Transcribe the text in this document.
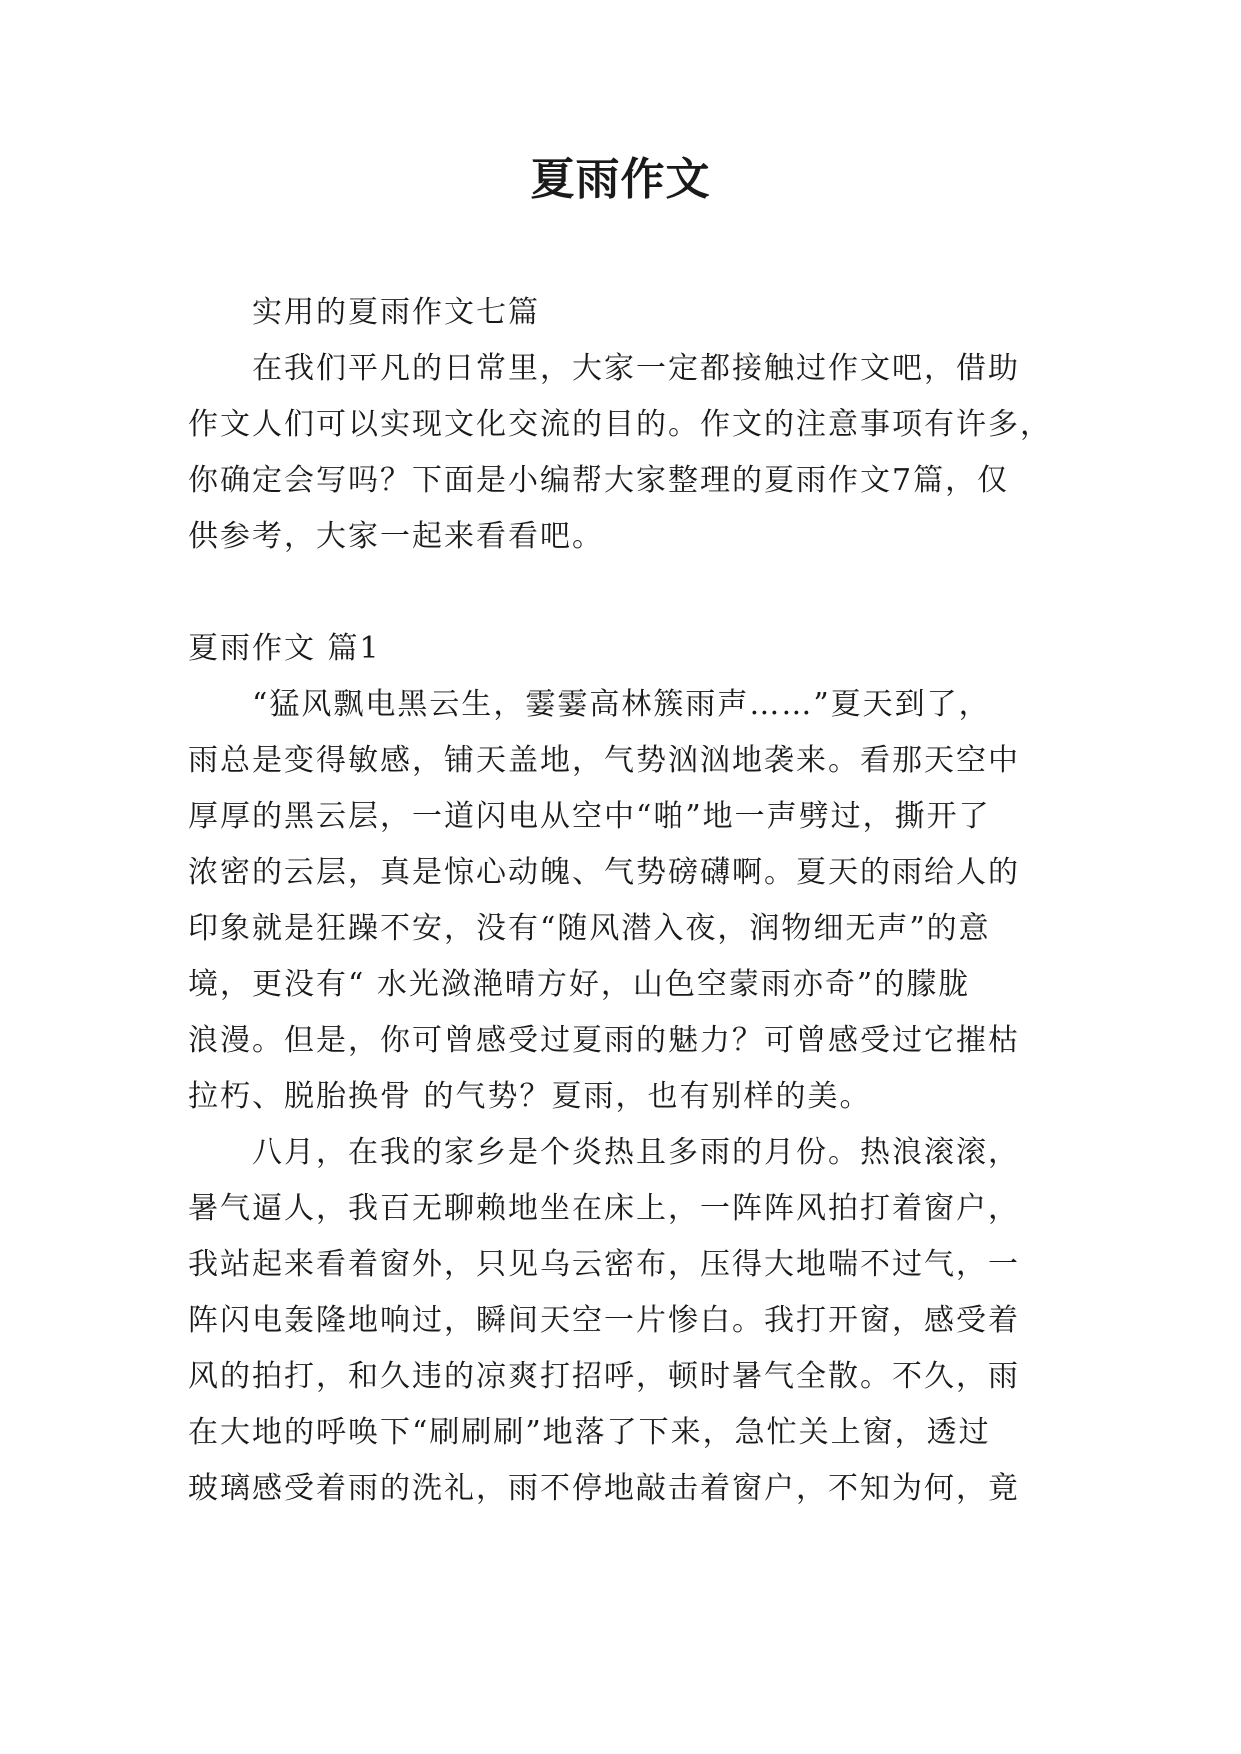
夏雨作文
实用的夏雨作文七篇
在我们平凡的日常里，大家一定都接触过作文吧，借助
作文人们可以实现文化交流的目的。作文的注意事项有许多，
你确定会写吗？下面是小编帮大家整理的夏雨作文7篇，仅
供参考，大家一起来看看吧。
夏雨作文 篇1
“猛风飘电黑云生，霎霎高林簇雨声……”夏天到了，
雨总是变得敏感，铺天盖地，气势汹汹地袭来。看那天空中
厚厚的黑云层，一道闪电从空中“啪”地一声劈过，撕开了
浓密的云层，真是惊心动魄、气势磅礴啊。夏天的雨给人的
印象就是狂躁不安，没有“随风潜入夜，润物细无声”的意
境，更没有“ 水光潋滟晴方好，山色空蒙雨亦奇”的朦胧
浪漫。但是，你可曾感受过夏雨的魅力？可曾感受过它摧枯
拉朽、脱胎换骨 的气势？夏雨，也有别样的美。
八月，在我的家乡是个炎热且多雨的月份。热浪滚滚，
暑气逼人，我百无聊赖地坐在床上，一阵阵风拍打着窗户，
我站起来看着窗外，只见乌云密布，压得大地喘不过气，一
阵闪电轰隆地响过，瞬间天空一片惨白。我打开窗，感受着
风的拍打，和久违的凉爽打招呼，顿时暑气全散。不久，雨
在大地的呼唤下“刷刷刷”地落了下来，急忙关上窗，透过
玻璃感受着雨的洗礼，雨不停地敲击着窗户，不知为何，竟
